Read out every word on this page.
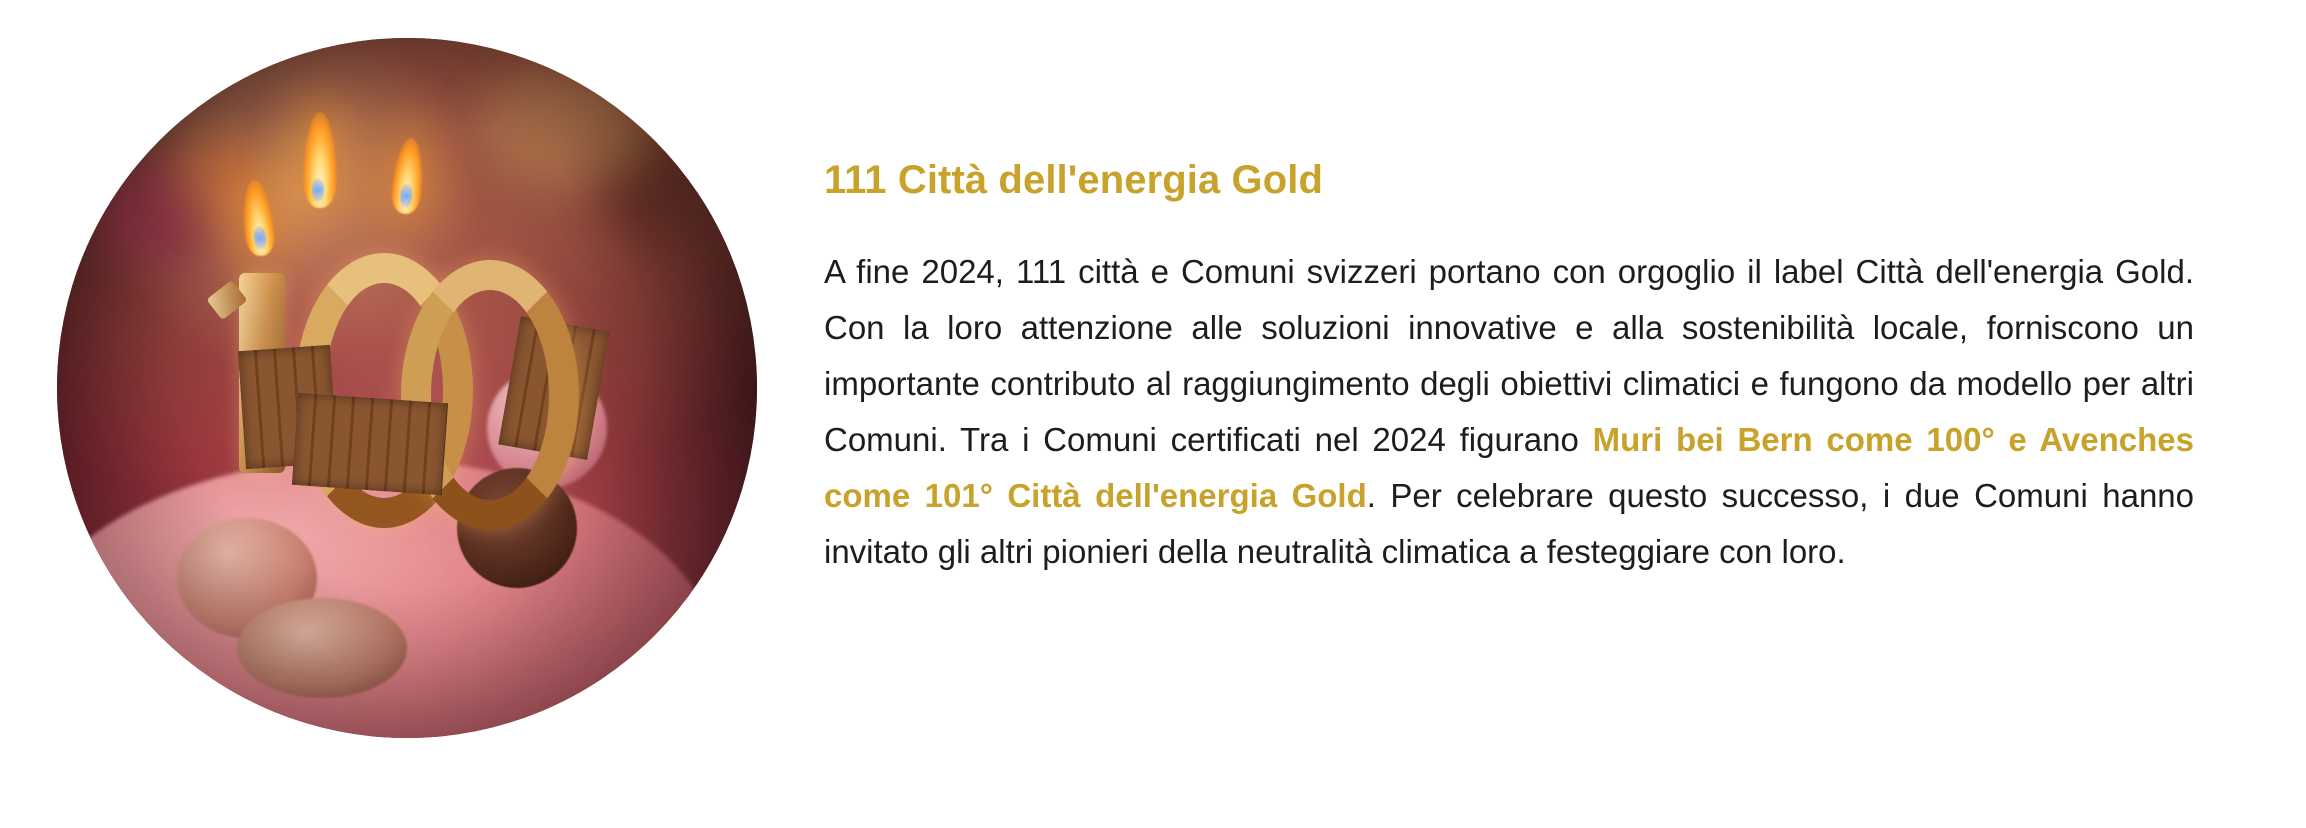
111 Città dell'energia Gold

A fine 2024, 111 città e Comuni svizzeri portano con orgoglio il label Città dell'energia Gold. Con la loro attenzione alle soluzioni innovative e alla sostenibilità locale, forniscono un importante contributo al raggiungimento degli obiettivi climatici e fungono da modello per altri Comuni. Tra i Comuni certificati nel 2024 figurano Muri bei Bern come 100° e Avenches come 101° Città dell'energia Gold. Per celebrare questo successo, i due Comuni hanno invitato gli altri pionieri della neutralità climatica a festeggiare con loro.
